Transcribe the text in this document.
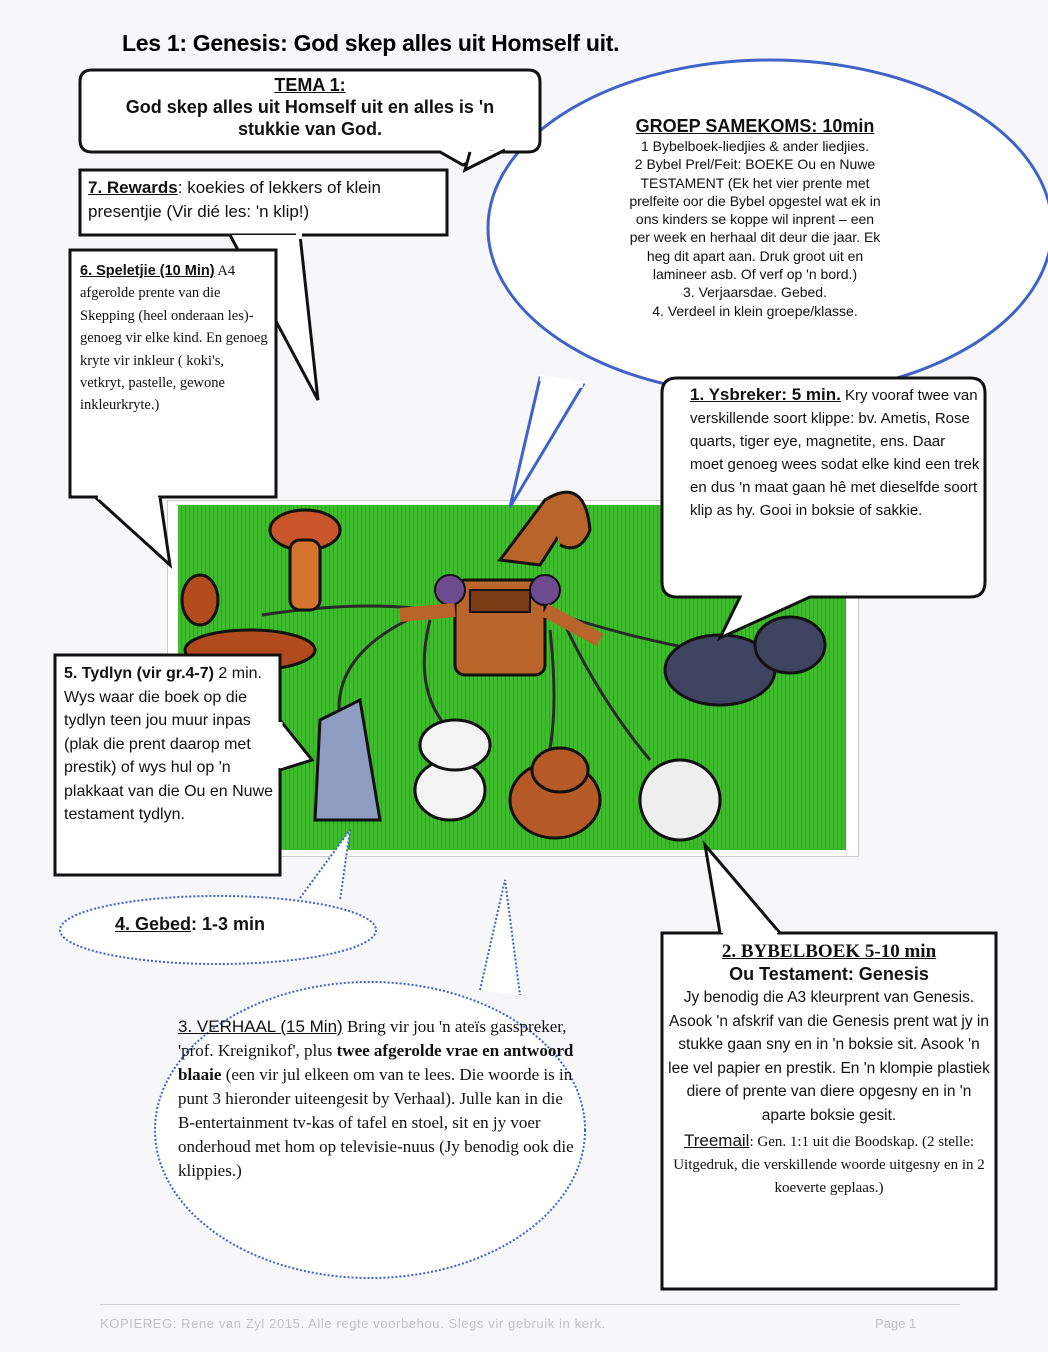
Les 1: Genesis: God skep alles uit Homself uit.
TEMA 1:
God skep alles uit Homself uit en alles is 'n stukkie van God.	GROEP SAMEKOMS: 10min
1 Bybelboek-liedjies & ander liedjies.
2 Bybel Prel/Feit: BOEKE Ou en Nuwe
TESTAMENT (Ek het vier prente met
prelfeite oor die Bybel opgestel wat ek in
ons kinders se koppe wil inprent – een
per week en herhaal dit deur die jaar. Ek
heg dit apart aan. Druk groot uit en
lamineer asb. Of verf op 'n bord.)
3. Verjaarsdae. Gebed.
4. Verdeel in klein groepe/klasse.
7. Rewards: koekies of lekkers of klein presentjie (Vir dié les: 'n klip!)
6. Speletjie (10 Min) A4 afgerolde prente van die Skepping (heel onderaan les)- genoeg vir elke kind. En genoeg kryte vir inkleur ( koki's, vetkryt, pastelle, gewone inkleurkryte.)
1. Ysbreker: 5 min. Kry vooraf twee van verskillende soort klippe: bv. Ametis, Rose quarts, tiger eye, magnetite, ens. Daar moet genoeg wees sodat elke kind een trek en dus 'n maat gaan hê met dieselfde soort klip as hy. Gooi in boksie of sakkie.
5. Tydlyn (vir gr.4-7) 2 min. Wys waar die boek op die tydlyn teen jou muur inpas (plak die prent daarop met prestik) of wys hul op 'n plakkaat van die Ou en Nuwe testament tydlyn.
4. Gebed: 1-3 min
3. VERHAAL (15 Min) Bring vir jou 'n ateïs gasspreker, 'prof. Kreignikof', plus twee afgerolde vrae en antwoord blaaie (een vir jul elkeen om van te lees. Die woorde is in punt 3 hieronder uiteengesit by Verhaal). Julle kan in die B-entertainment tv-kas of tafel en stoel, sit en jy voer onderhoud met hom op televisie-nuus (Jy benodig ook die klippies.)
2. BYBELBOEK 5-10 min
Ou Testament: Genesis
Jy benodig die A3 kleurprent van Genesis. Asook 'n afskrif van die Genesis prent wat jy in stukke gaan sny en in 'n boksie sit. Asook 'n lee vel papier en prestik. En 'n klompie plastiek diere of prente van diere opgesny en in 'n aparte boksie gesit.
Treemail: Gen. 1:1 uit die Boodskap. (2 stelle: Uitgedruk, die verskillende woorde uitgesny en in 2 koeverte geplaas.)
KOPIEREG: Rene van Zyl 2015. Alle regte voorbehou. Slegs vir gebruik in kerk.	Page 1
